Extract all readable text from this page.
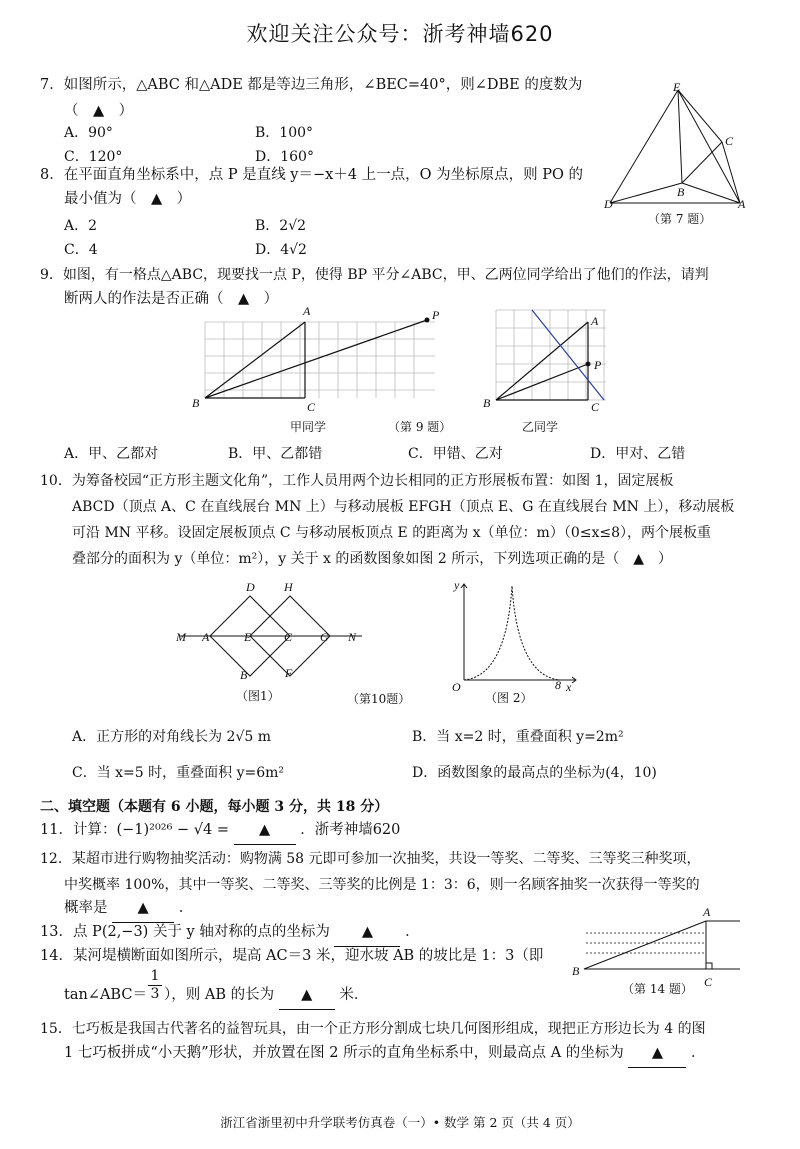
欢迎关注公众号：浙考神墙620
7．如图所示，△ABC 和△ADE 都是等边三角形，∠BEC=40°，则∠DBE 的度数为
（　▲　）
A．90°	B．100°
C．120°	D．160°
E
C
B
D	A
（第 7 题）
8．在平面直角坐标系中，点 P 是直线 y＝−x＋4 上一点，O 为坐标原点，则 PO 的
最小值为（　▲　）
A．2	B．2√2
C．4	D．4√2
9．如图，有一格点△ABC，现要找一点 P，使得 BP 平分∠ABC，甲、乙两位同学给出了他们的作法，请判
断两人的作法是否正确（　▲　）
A	P
B	C
甲同学	（第 9 题）
A
P
B	C
乙同学
A．甲、乙都对	B．甲、乙都错	C．甲错、乙对	D．甲对、乙错
10．为筹备校园“正方形主题文化角”，工作人员用两个边长相同的正方形展板布置：如图 1，固定展板
ABCD（顶点 A、C 在直线展台 MN 上）与移动展板 EFGH（顶点 E、G 在直线展台 MN 上），移动展板
可沿 MN 平移。设固定展板顶点 C 与移动展板顶点 E 的距离为 x（单位：m）（0≤x≤8），两个展板重
叠部分的面积为 y（单位：m²），y 关于 x 的函数图象如图 2 所示，下列选项正确的是（　▲　）
D H
M A	E	C G N
B	F
（图1）	（第10题）
y
O	8 x
（图 2）
A．正方形的对角线长为 2√5 m	B．当 x=2 时，重叠面积 y=2m²
C．当 x=5 时，重叠面积 y=6m²	D．函数图象的最高点的坐标为(4，10)
二、填空题（本题有 6 小题，每小题 3 分，共 18 分）
11．计算：(−1)²⁰²⁶ − √4 = ▲ ．浙考神墙620
12．某超市进行购物抽奖活动：购物满 58 元即可参加一次抽奖，共设一等奖、二等奖、三等奖三种奖项，
中奖概率 100%，其中一等奖、二等奖、三等奖的比例是 1：3：6，则一名顾客抽奖一次获得一等奖的
概率是 ▲ ．
13．点 P(2,−3) 关于 y 轴对称的点的坐标为 ▲ ．
14．某河堤横断面如图所示，堤高 AC＝3 米，迎水坡 AB 的坡比是 1：3（即
tan∠ABC＝ $\frac{1}{3}$ ），则 AB 的长为 ▲ 米．
A
B
C
（第 14 题）
15．七巧板是我国古代著名的益智玩具，由一个正方形分割成七块几何图形组成，现把正方形边长为 4 的图
1 七巧板拼成“小天鹅”形状，并放置在图 2 所示的直角坐标系中，则最高点 A 的坐标为 ▲ ．
浙江省浙里初中升学联考仿真卷（一）• 数学 第 2 页（共 4 页）
